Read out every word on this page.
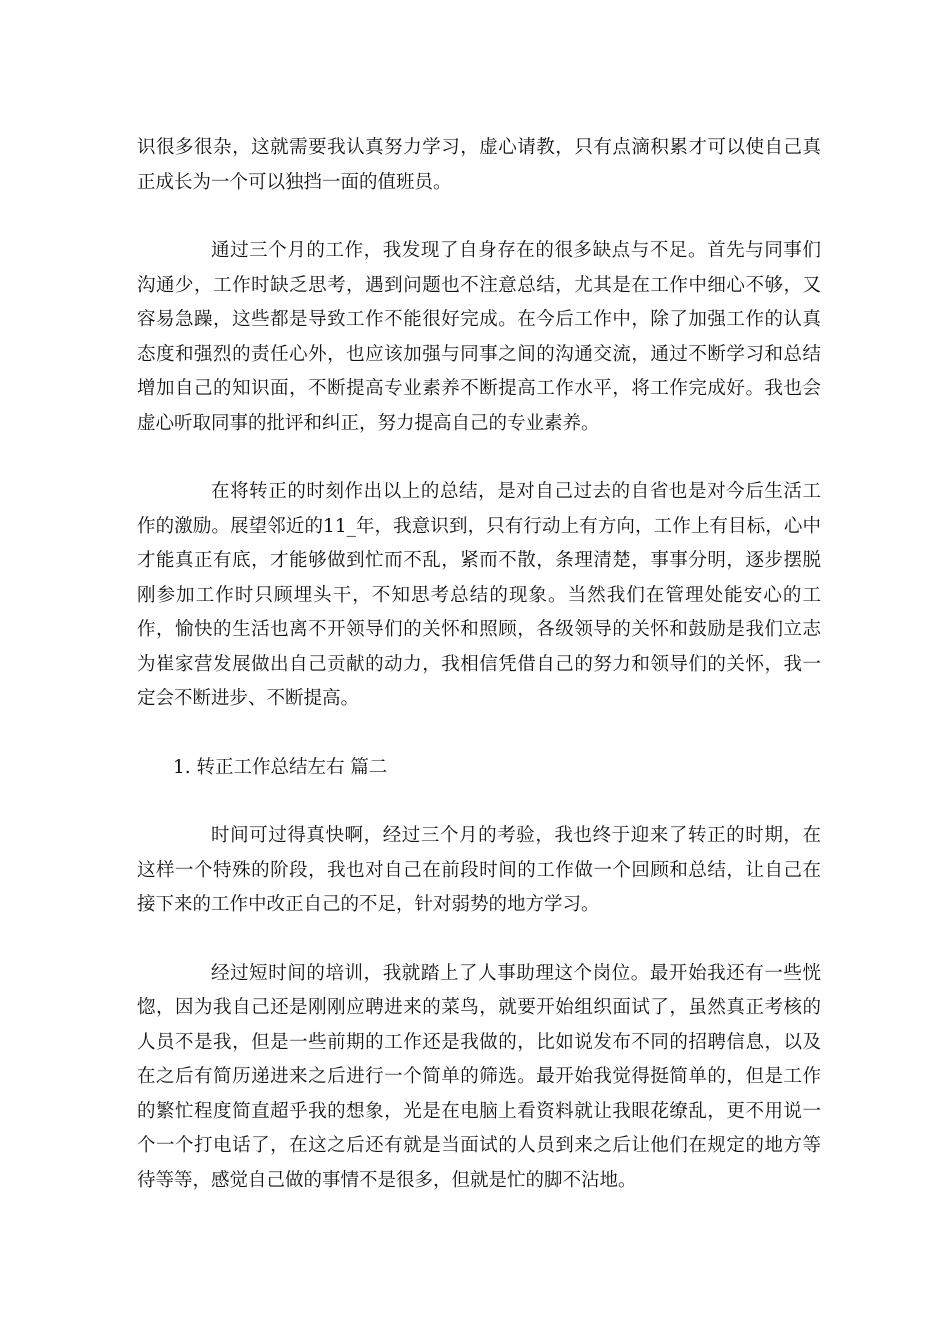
识很多很杂，这就需要我认真努力学习，虚心请教，只有点滴积累才可以使自己真正成长为一个可以独挡一面的值班员。

通过三个月的工作，我发现了自身存在的很多缺点与不足。首先与同事们沟通少，工作时缺乏思考，遇到问题也不注意总结，尤其是在工作中细心不够，又容易急躁，这些都是导致工作不能很好完成。在今后工作中，除了加强工作的认真态度和强烈的责任心外，也应该加强与同事之间的沟通交流，通过不断学习和总结增加自己的知识面，不断提高专业素养不断提高工作水平，将工作完成好。我也会虚心听取同事的批评和纠正，努力提高自己的专业素养。

在将转正的时刻作出以上的总结，是对自己过去的自省也是对今后生活工作的激励。展望邻近的11_年，我意识到，只有行动上有方向，工作上有目标，心中才能真正有底，才能够做到忙而不乱，紧而不散，条理清楚，事事分明，逐步摆脱刚参加工作时只顾埋头干，不知思考总结的现象。当然我们在管理处能安心的工作，愉快的生活也离不开领导们的关怀和照顾，各级领导的关怀和鼓励是我们立志为崔家营发展做出自己贡献的动力，我相信凭借自己的努力和领导们的关怀，我一定会不断进步、不断提高。

1. 转正工作总结左右 篇二

时间可过得真快啊，经过三个月的考验，我也终于迎来了转正的时期，在这样一个特殊的阶段，我也对自己在前段时间的工作做一个回顾和总结，让自己在接下来的工作中改正自己的不足，针对弱势的地方学习。

经过短时间的培训，我就踏上了人事助理这个岗位。最开始我还有一些恍惚，因为我自己还是刚刚应聘进来的菜鸟，就要开始组织面试了，虽然真正考核的人员不是我，但是一些前期的工作还是我做的，比如说发布不同的招聘信息，以及在之后有简历递进来之后进行一个简单的筛选。最开始我觉得挺简单的，但是工作的繁忙程度简直超乎我的想象，光是在电脑上看资料就让我眼花缭乱，更不用说一个一个打电话了，在这之后还有就是当面试的人员到来之后让他们在规定的地方等待等等，感觉自己做的事情不是很多，但就是忙的脚不沾地。
